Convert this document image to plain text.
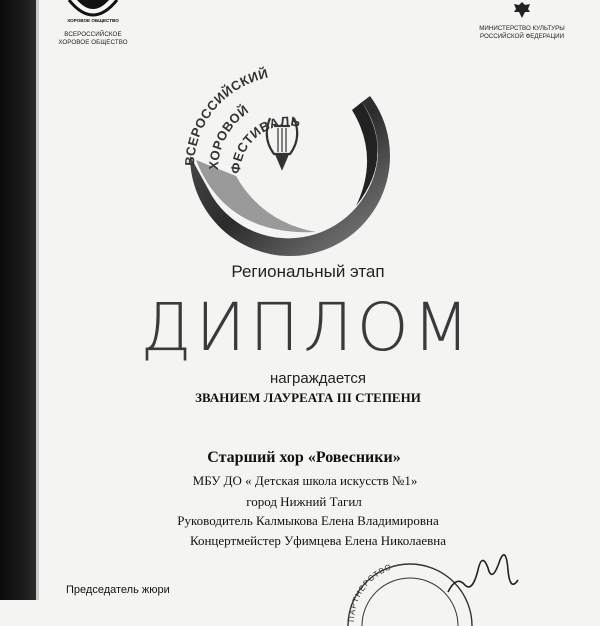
ХОРОВОЕ ОБЩЕСТВО
ВСЕРОССИЙСКОЕ
ХОРОВОЕ ОБЩЕСТВО
МИНИСТЕРСТВО КУЛЬТУРЫ
РОССИЙСКОЙ ФЕДЕРАЦИИ
ВСЕРОССИЙСКИЙ
ХОРОВОЙ
ФЕСТИВАЛЬ
Региональный этап
ДИПЛОМ
награждается
ЗВАНИЕМ ЛАУРЕАТА III СТЕПЕНИ
Старший хор «Ровесники»
МБУ ДО « Детская школа искусств №1»
город Нижний Тагил
Руководитель Калмыкова Елена Владимировна
Концертмейстер Уфимцева Елена Николаевна
Председатель жюри
ПАРТНЕРСТВО
